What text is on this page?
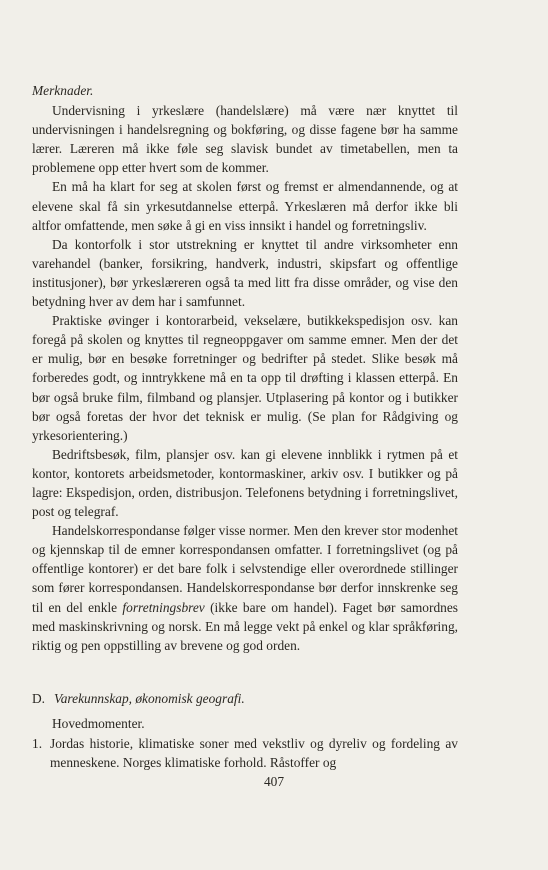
Merknader.

Undervisning i yrkeslære (handelslære) må være nær knyttet til undervisningen i handelsregning og bokføring, og disse fagene bør ha samme lærer. Læreren må ikke føle seg slavisk bundet av timetabellen, men ta problemene opp etter hvert som de kommer.

En må ha klart for seg at skolen først og fremst er almendannende, og at elevene skal få sin yrkesutdannelse etterpå. Yrkeslæren må derfor ikke bli altfor omfattende, men søke å gi en viss innsikt i handel og forretningsliv.

Da kontorfolk i stor utstrekning er knyttet til andre virksomheter enn varehandel (banker, forsikring, handverk, industri, skipsfart og offentlige institusjoner), bør yrkeslæreren også ta med litt fra disse områder, og vise den betydning hver av dem har i samfunnet.

Praktiske øvinger i kontorarbeid, vekselære, butikkekspedisjon osv. kan foregå på skolen og knyttes til regneoppgaver om samme emner. Men der det er mulig, bør en besøke forretninger og bedrifter på stedet. Slike besøk må forberedes godt, og inntrykkene må en ta opp til drøfting i klassen etterpå. En bør også bruke film, filmband og plansjer. Utplasering på kontor og i butikker bør også foretas der hvor det teknisk er mulig. (Se plan for Rådgiving og yrkesorientering.)

Bedriftsbesøk, film, plansjer osv. kan gi elevene innblikk i rytmen på et kontor, kontorets arbeidsmetoder, kontormaskiner, arkiv osv. I butikker og på lagre: Ekspedisjon, orden, distribusjon. Telefonens betydning i forretningslivet, post og telegraf.

Handelskorrespondanse følger visse normer. Men den krever stor modenhet og kjennskap til de emner korrespondansen omfatter. I forretningslivet (og på offentlige kontorer) er det bare folk i selvstendige eller overordnede stillinger som fører korrespondansen. Handelskorrespondanse bør derfor innskrenke seg til en del enkle forretningsbrev (ikke bare om handel). Faget bør samordnes med maskinskrivning og norsk. En må legge vekt på enkel og klar språkføring, riktig og pen oppstilling av brevene og god orden.

D. Varekunnskap, økonomisk geografi.

Hovedmomenter.

1. Jordas historie, klimatiske soner med vekstliv og dyreliv og fordeling av menneskene. Norges klimatiske forhold. Råstoffer og
407
